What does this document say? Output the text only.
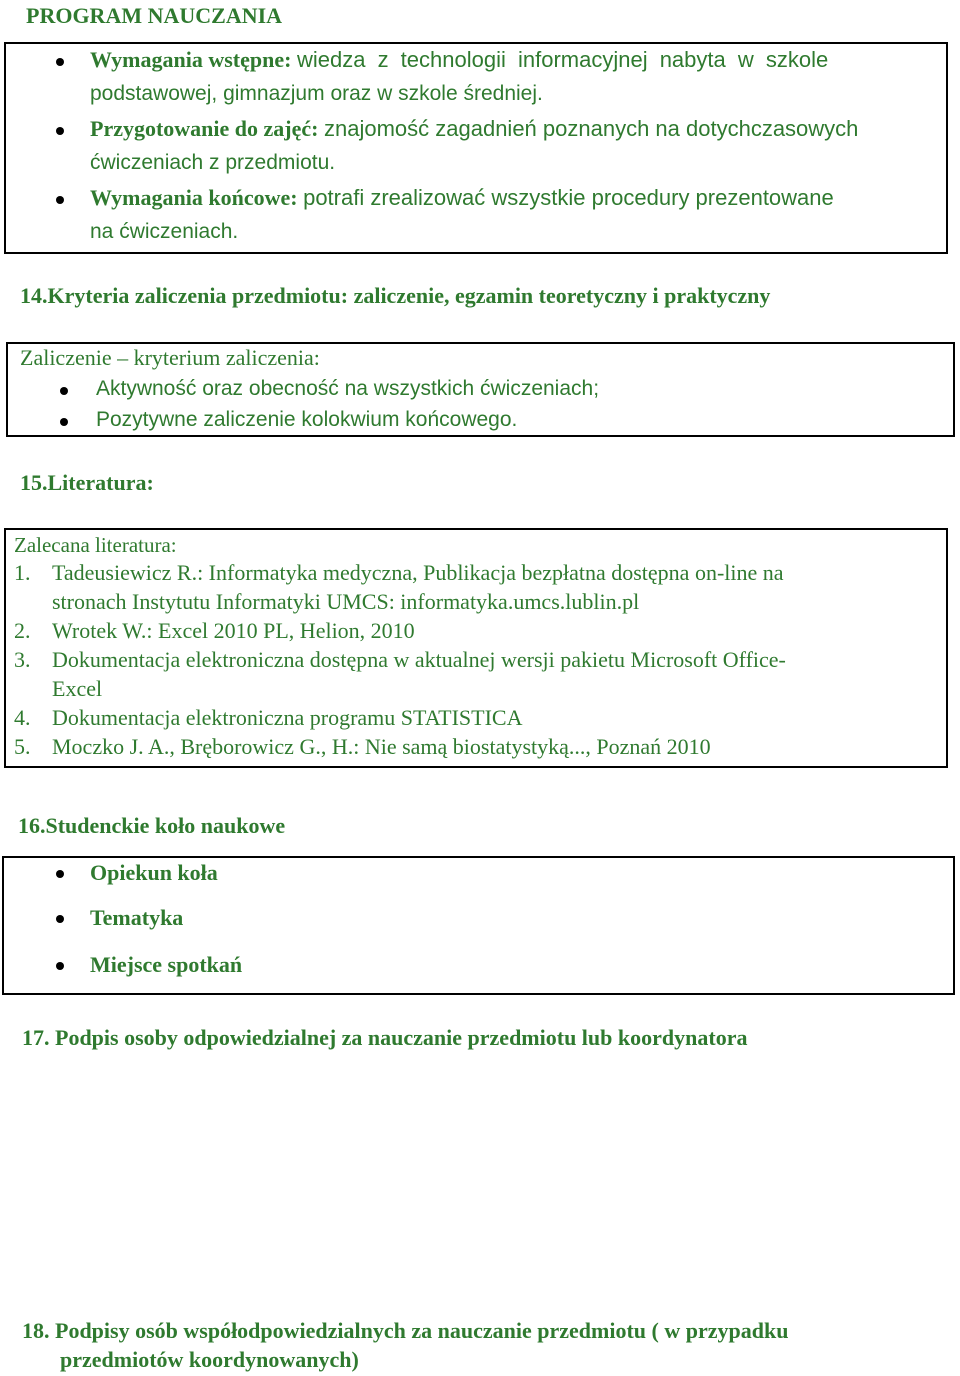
PROGRAM NAUCZANIA
Wymagania wstępne: wiedza z technologii informacyjnej nabyta w szkole
podstawowej, gimnazjum oraz w szkole średniej.
Przygotowanie do zajęć: znajomość zagadnień poznanych na dotychczasowych
ćwiczeniach z przedmiotu.
Wymagania końcowe: potrafi zrealizować wszystkie procedury prezentowane
na ćwiczeniach.
14.Kryteria zaliczenia przedmiotu: zaliczenie, egzamin teoretyczny i praktyczny
Zaliczenie – kryterium zaliczenia:
Aktywność oraz obecność na wszystkich ćwiczeniach;
Pozytywne zaliczenie kolokwium końcowego.
15.Literatura:
Zalecana literatura:
1. Tadeusiewicz R.: Informatyka medyczna, Publikacja bezpłatna dostępna on-line na
stronach Instytutu Informatyki UMCS: informatyka.umcs.lublin.pl
2. Wrotek W.: Excel 2010 PL, Helion, 2010
3. Dokumentacja elektroniczna dostępna w aktualnej wersji pakietu Microsoft Office-
Excel
4. Dokumentacja elektroniczna programu STATISTICA
5. Moczko J. A., Bręborowicz G., H.: Nie samą biostatystyką..., Poznań 2010
16.Studenckie koło naukowe
Opiekun koła
Tematyka
Miejsce spotkań
17. Podpis osoby odpowiedzialnej za nauczanie przedmiotu lub koordynatora
18. Podpisy osób współodpowiedzialnych za nauczanie przedmiotu ( w przypadku
przedmiotów koordynowanych)
